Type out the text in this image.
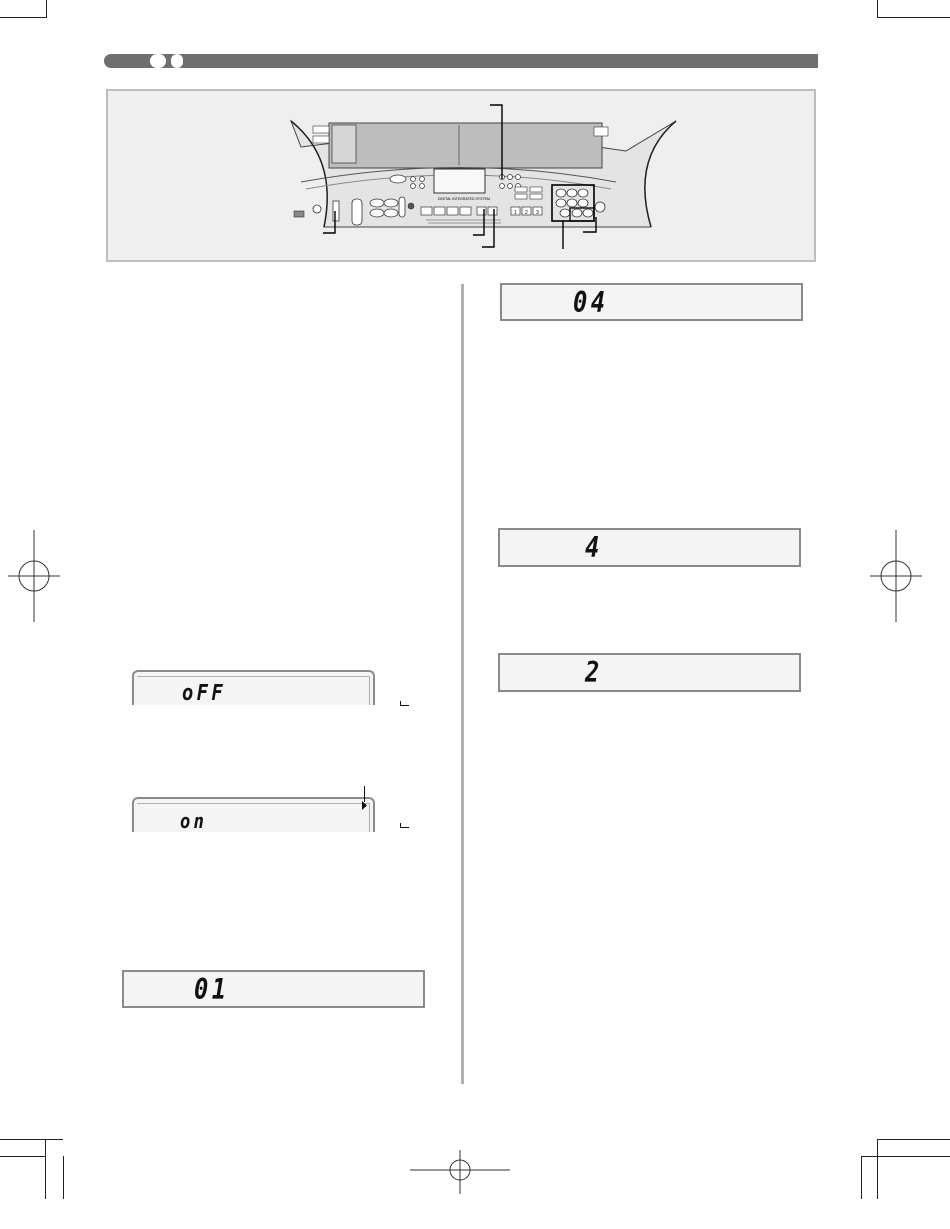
DIGITAL INTEGRATED SYSTEM
1 2 3
oFF
on
01
04
4
2
